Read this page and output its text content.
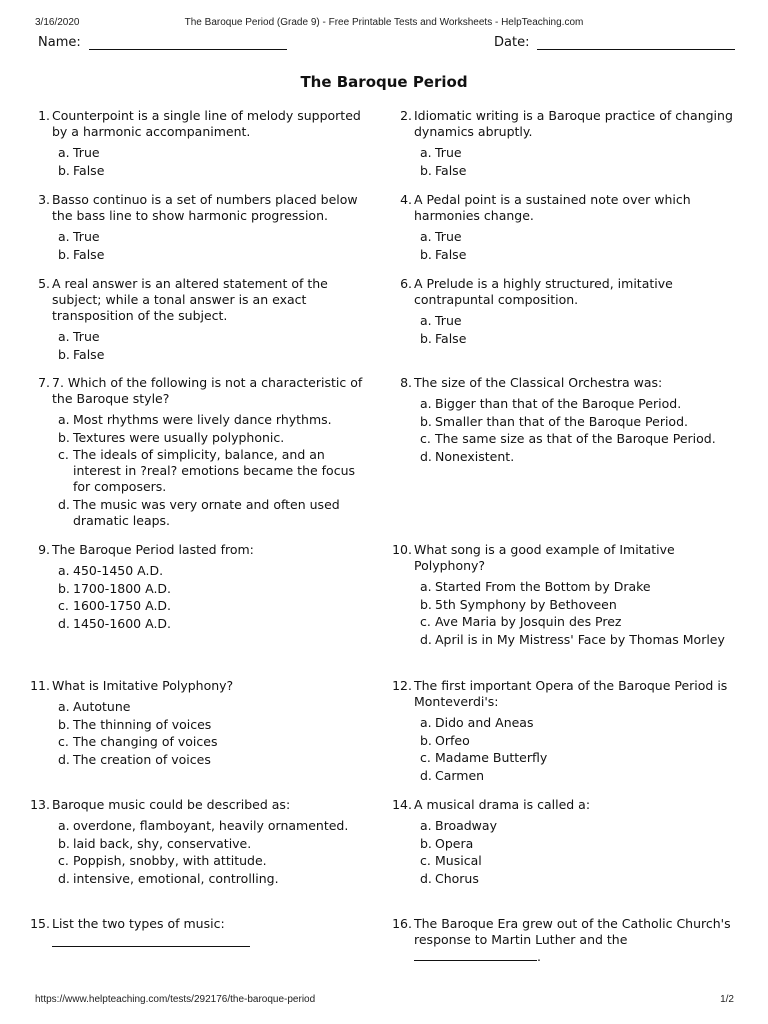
3/16/2020	The Baroque Period (Grade 9) - Free Printable Tests and Worksheets - HelpTeaching.com
Name:	Date:
The Baroque Period
1. Counterpoint is a single line of melody supported by a harmonic accompaniment.
a. True
b. False
3. Basso continuo is a set of numbers placed below the bass line to show harmonic progression.
a. True
b. False
5. A real answer is an altered statement of the subject; while a tonal answer is an exact transposition of the subject.
a. True
b. False
7. 7. Which of the following is not a characteristic of the Baroque style?
a. Most rhythms were lively dance rhythms.
b. Textures were usually polyphonic.
c. The ideals of simplicity, balance, and an interest in ?real? emotions became the focus for composers.
d. The music was very ornate and often used dramatic leaps.
9. The Baroque Period lasted from:
a. 450-1450 A.D.
b. 1700-1800 A.D.
c. 1600-1750 A.D.
d. 1450-1600 A.D.
11. What is Imitative Polyphony?
a. Autotune
b. The thinning of voices
c. The changing of voices
d. The creation of voices
13. Baroque music could be described as:
a. overdone, flamboyant, heavily ornamented.
b. laid back, shy, conservative.
c. Poppish, snobby, with attitude.
d. intensive, emotional, controlling.
15. List the two types of music:
2. Idiomatic writing is a Baroque practice of changing dynamics abruptly.
a. True
b. False
4. A Pedal point is a sustained note over which harmonies change.
a. True
b. False
6. A Prelude is a highly structured, imitative contrapuntal composition.
a. True
b. False
8. The size of the Classical Orchestra was:
a. Bigger than that of the Baroque Period.
b. Smaller than that of the Baroque Period.
c. The same size as that of the Baroque Period.
d. Nonexistent.
10. What song is a good example of Imitative Polyphony?
a. Started From the Bottom by Drake
b. 5th Symphony by Bethoveen
c. Ave Maria by Josquin des Prez
d. April is in My Mistress' Face by Thomas Morley
12. The first important Opera of the Baroque Period is Monteverdi's:
a. Dido and Aneas
b. Orfeo
c. Madame Butterfly
d. Carmen
14. A musical drama is called a:
a. Broadway
b. Opera
c. Musical
d. Chorus
16. The Baroque Era grew out of the Catholic Church's response to Martin Luther and the
.
https://www.helpteaching.com/tests/292176/the-baroque-period	1/2
